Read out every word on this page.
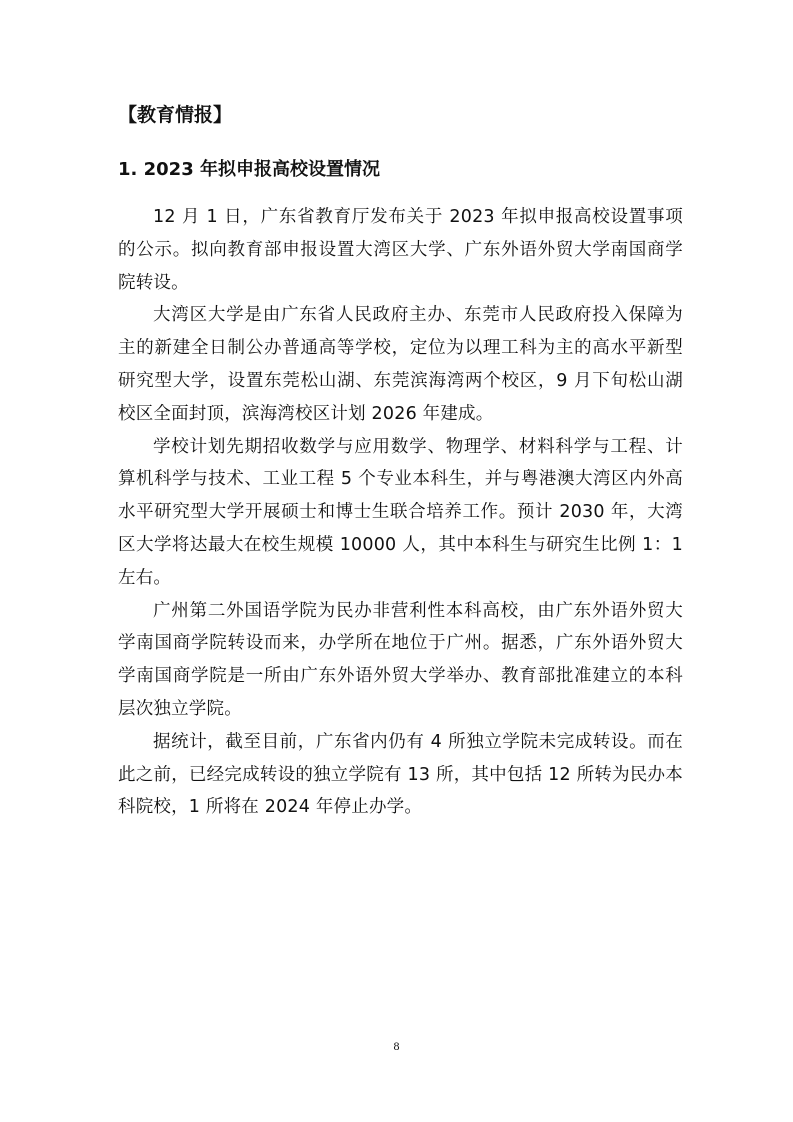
【教育情报】
1. 2023 年拟申报高校设置情况

12 月 1 日，广东省教育厅发布关于 2023 年拟申报高校设置事项的公示。拟向教育部申报设置大湾区大学、广东外语外贸大学南国商学院转设。

大湾区大学是由广东省人民政府主办、东莞市人民政府投入保障为主的新建全日制公办普通高等学校，定位为以理工科为主的高水平新型研究型大学，设置东莞松山湖、东莞滨海湾两个校区，9 月下旬松山湖校区全面封顶，滨海湾校区计划 2026 年建成。

学校计划先期招收数学与应用数学、物理学、材料科学与工程、计算机科学与技术、工业工程 5 个专业本科生，并与粤港澳大湾区内外高水平研究型大学开展硕士和博士生联合培养工作。预计 2030 年，大湾区大学将达最大在校生规模 10000 人，其中本科生与研究生比例 1：1 左右。

广州第二外国语学院为民办非营利性本科高校，由广东外语外贸大学南国商学院转设而来，办学所在地位于广州。据悉，广东外语外贸大学南国商学院是一所由广东外语外贸大学举办、教育部批准建立的本科层次独立学院。

据统计，截至目前，广东省内仍有 4 所独立学院未完成转设。而在此之前，已经完成转设的独立学院有 13 所，其中包括 12 所转为民办本科院校，1 所将在 2024 年停止办学。

8
